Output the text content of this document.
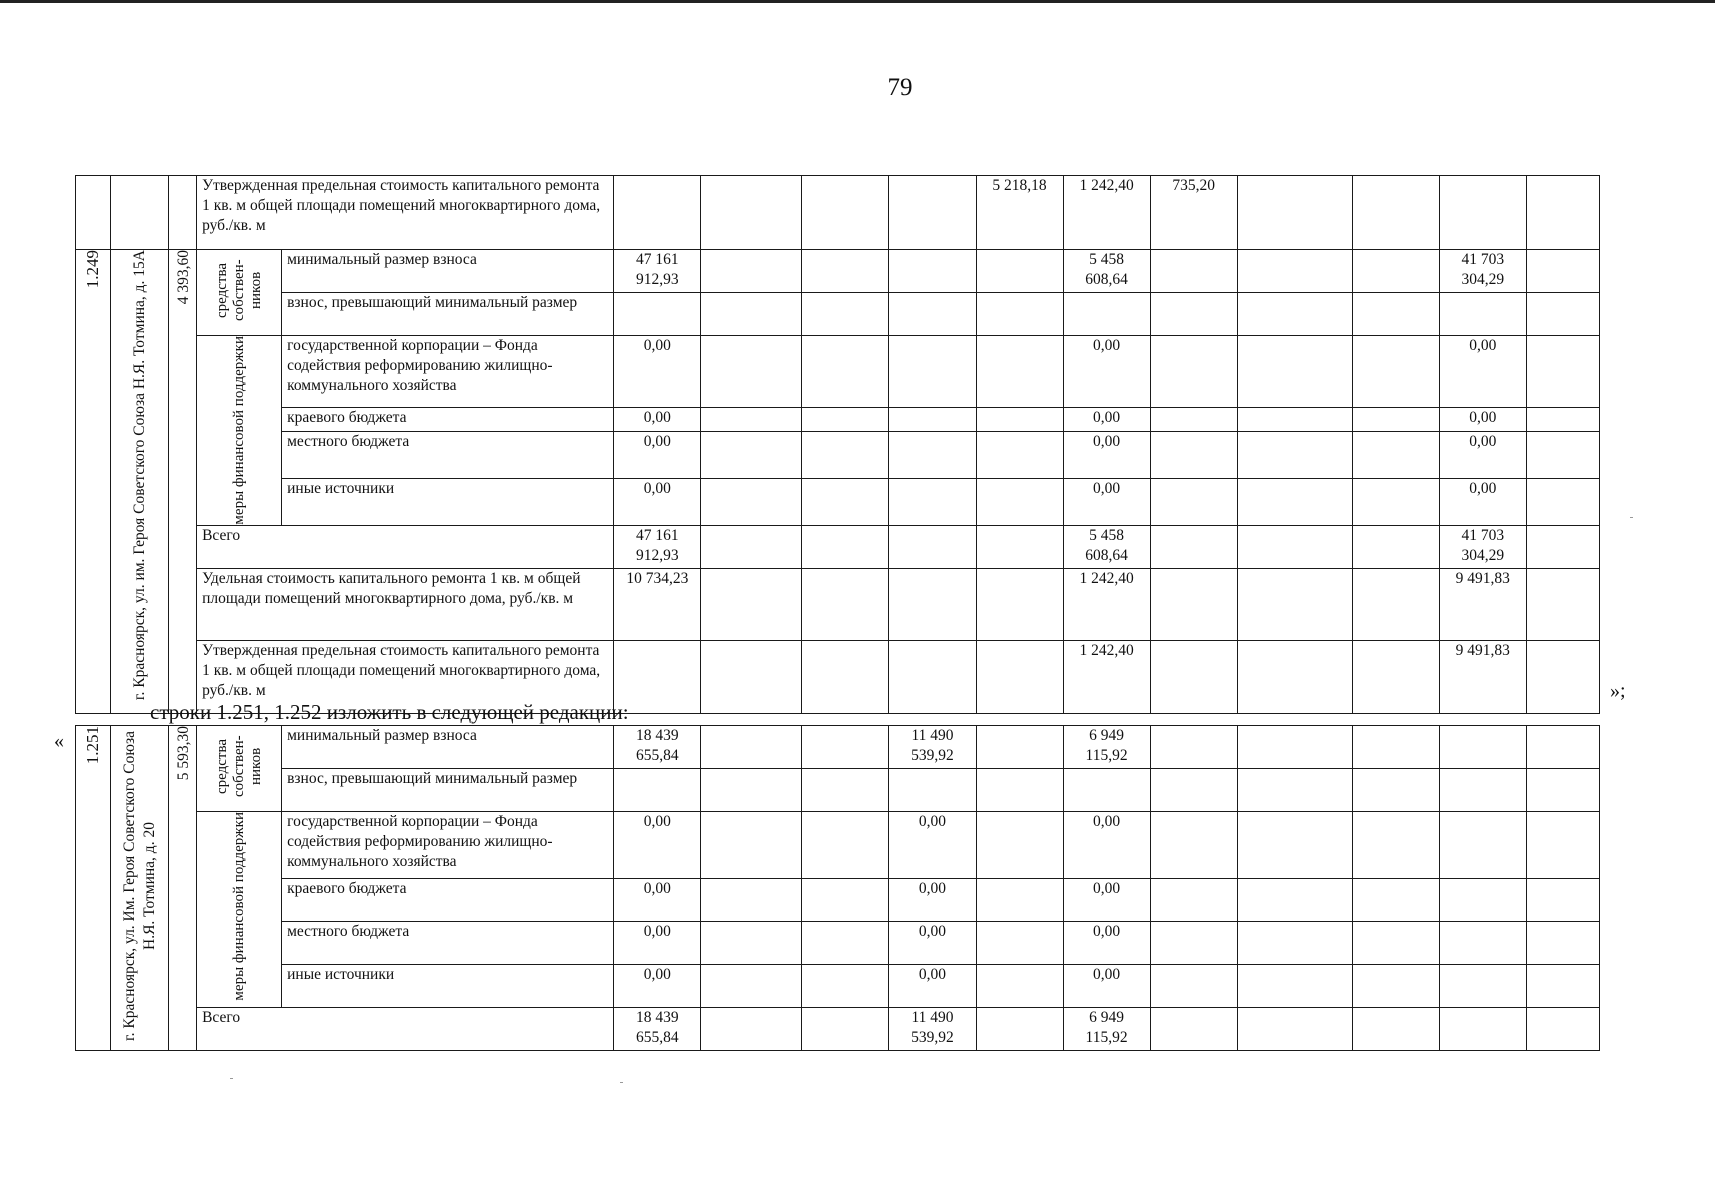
79
			Утвержденная предельная стоимость капитального ремонта 1 кв. м общей площади помещений многоквартирного дома, руб./кв. м						5 218,18	1 242,40	735,20				

1.249	г. Красноярск, ул. им. Героя Советского Союза Н.Я. Тотмина, д. 15А	4 393,60	средства собствен-ников	минимальный размер взноса	47 161 912,93					5 458 608,64				41 703 304,29	
				взнос, превышающий минимальный размер											

			меры финансовой поддержки	государственной корпорации – Фонда содействия реформированию жилищно-коммунального хозяйства	0,00					0,00				0,00	
				краевого бюджета	0,00					0,00				0,00	
				местного бюджета	0,00					0,00				0,00	
				иные источники	0,00					0,00				0,00	
			Всего		47 161 912,93					5 458 608,64				41 703 304,29	
			Удельная стоимость капитального ремонта 1 кв. м общей площади помещений многоквартирного дома, руб./кв. м		10 734,23					1 242,40				9 491,83	
			Утвержденная предельная стоимость капитального ремонта 1 кв. м общей площади помещений многоквартирного дома, руб./кв. м							1 242,40				9 491,83	
»;
строки 1.251, 1.252 изложить в следующей редакции:
« 1.251	г. Красноярск, ул. Им. Героя Советского Союза Н.Я. Тотмина, д. 20	5 593,30	средства собствен-ников	минимальный размер взноса	18 439 655,84			11 490 539,92		6 949 115,92					
				взнос, превышающий минимальный размер											

			меры финансовой поддержки	государственной корпорации – Фонда содействия реформированию жилищно-коммунального хозяйства	0,00			0,00		0,00					
				краевого бюджета	0,00			0,00		0,00					
				местного бюджета	0,00			0,00		0,00					
				иные источники	0,00			0,00		0,00					
			Всего		18 439 655,84			11 490 539,92		6 949 115,92					
